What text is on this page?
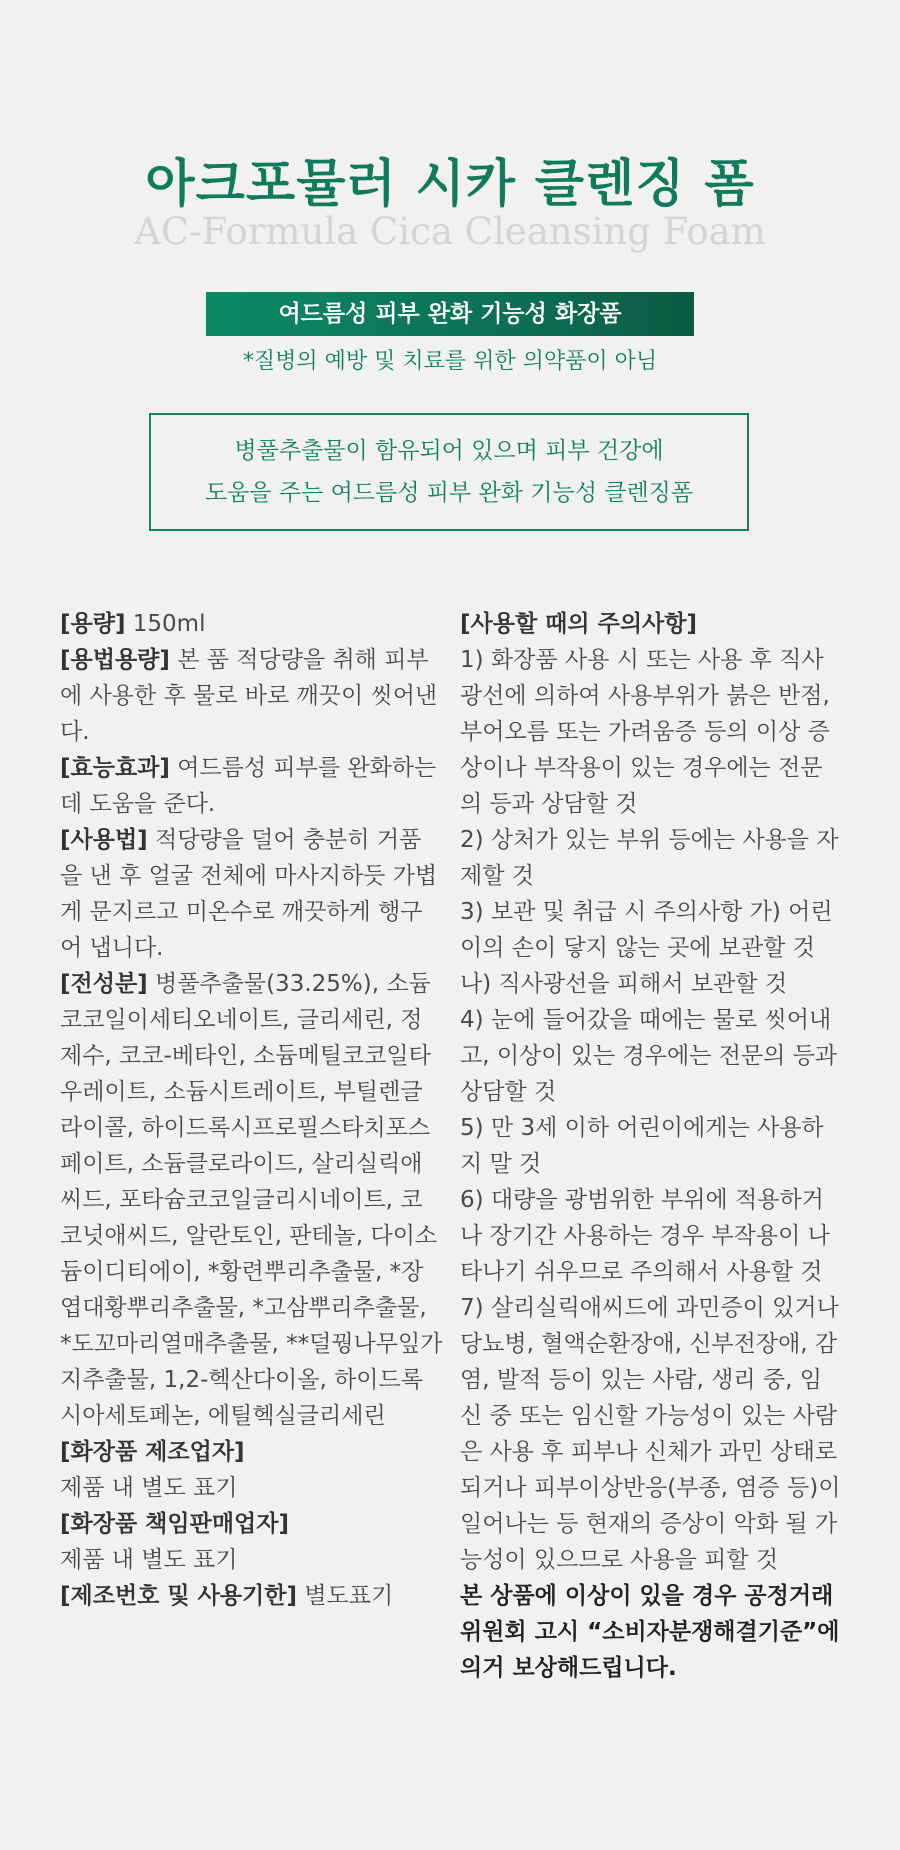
아크포뮬러 시카 클렌징 폼
AC-Formula Cica Cleansing Foam
여드름성 피부 완화 기능성 화장품
*질병의 예방 및 치료를 위한 의약품이 아님
병풀추출물이 함유되어 있으며 피부 건강에
도움을 주는 여드름성 피부 완화 기능성 클렌징폼

[용량] 150ml

[용법용량] 본 품 적당량을 취해 피부에 사용한 후 물로 바로 깨끗이 씻어낸다.

[효능효과] 여드름성 피부를 완화하는데 도움을 준다.

[사용법] 적당량을 덜어 충분히 거품을 낸 후 얼굴 전체에 마사지하듯 가볍게 문지르고 미온수로 깨끗하게 행구어 냅니다.

[전성분] 병풀추출물(33.25%), 소듐코코일이세티오네이트, 글리세린, 정제수, 코코-베타인, 소듐메틸코코일타우레이트, 소듐시트레이트, 부틸렌글라이콜, 하이드록시프로필스타치포스페이트, 소듐클로라이드, 살리실릭애씨드, 포타슘코코일글리시네이트, 코코넛애씨드, 알란토인, 판테놀, 다이소듐이디티에이, *황련뿌리추출물, *장엽대황뿌리추출물, *고삼뿌리추출물, *도꼬마리열매추출물, **덜꿩나무잎가지추출물, 1,2-헥산다이올, 하이드록시아세토페논, 에틸헥실글리세린

[화장품 제조업자]

제품 내 별도 표기

[화장품 책임판매업자]

제품 내 별도 표기

[제조번호 및 사용기한] 별도표기

[사용할 때의 주의사항]

1) 화장품 사용 시 또는 사용 후 직사광선에 의하여 사용부위가 붉은 반점, 부어오름 또는 가려움증 등의 이상 증상이나 부작용이 있는 경우에는 전문의 등과 상담할 것

2) 상처가 있는 부위 등에는 사용을 자제할 것

3) 보관 및 취급 시 주의사항 가) 어린이의 손이 닿지 않는 곳에 보관할 것 나) 직사광선을 피해서 보관할 것

4) 눈에 들어갔을 때에는 물로 씻어내고, 이상이 있는 경우에는 전문의 등과 상담할 것

5) 만 3세 이하 어린이에게는 사용하지 말 것

6) 대량을 광범위한 부위에 적용하거나 장기간 사용하는 경우 부작용이 나타나기 쉬우므로 주의해서 사용할 것

7) 살리실릭애씨드에 과민증이 있거나 당뇨병, 혈액순환장애, 신부전장애, 감염, 발적 등이 있는 사람, 생리 중, 임신 중 또는 임신할 가능성이 있는 사람은 사용 후 피부나 신체가 과민 상태로 되거나 피부이상반응(부종, 염증 등)이 일어나는 등 현재의 증상이 악화 될 가능성이 있으므로 사용을 피할 것

본 상품에 이상이 있을 경우 공정거래위원회 고시 “소비자분쟁해결기준”에 의거 보상해드립니다.
